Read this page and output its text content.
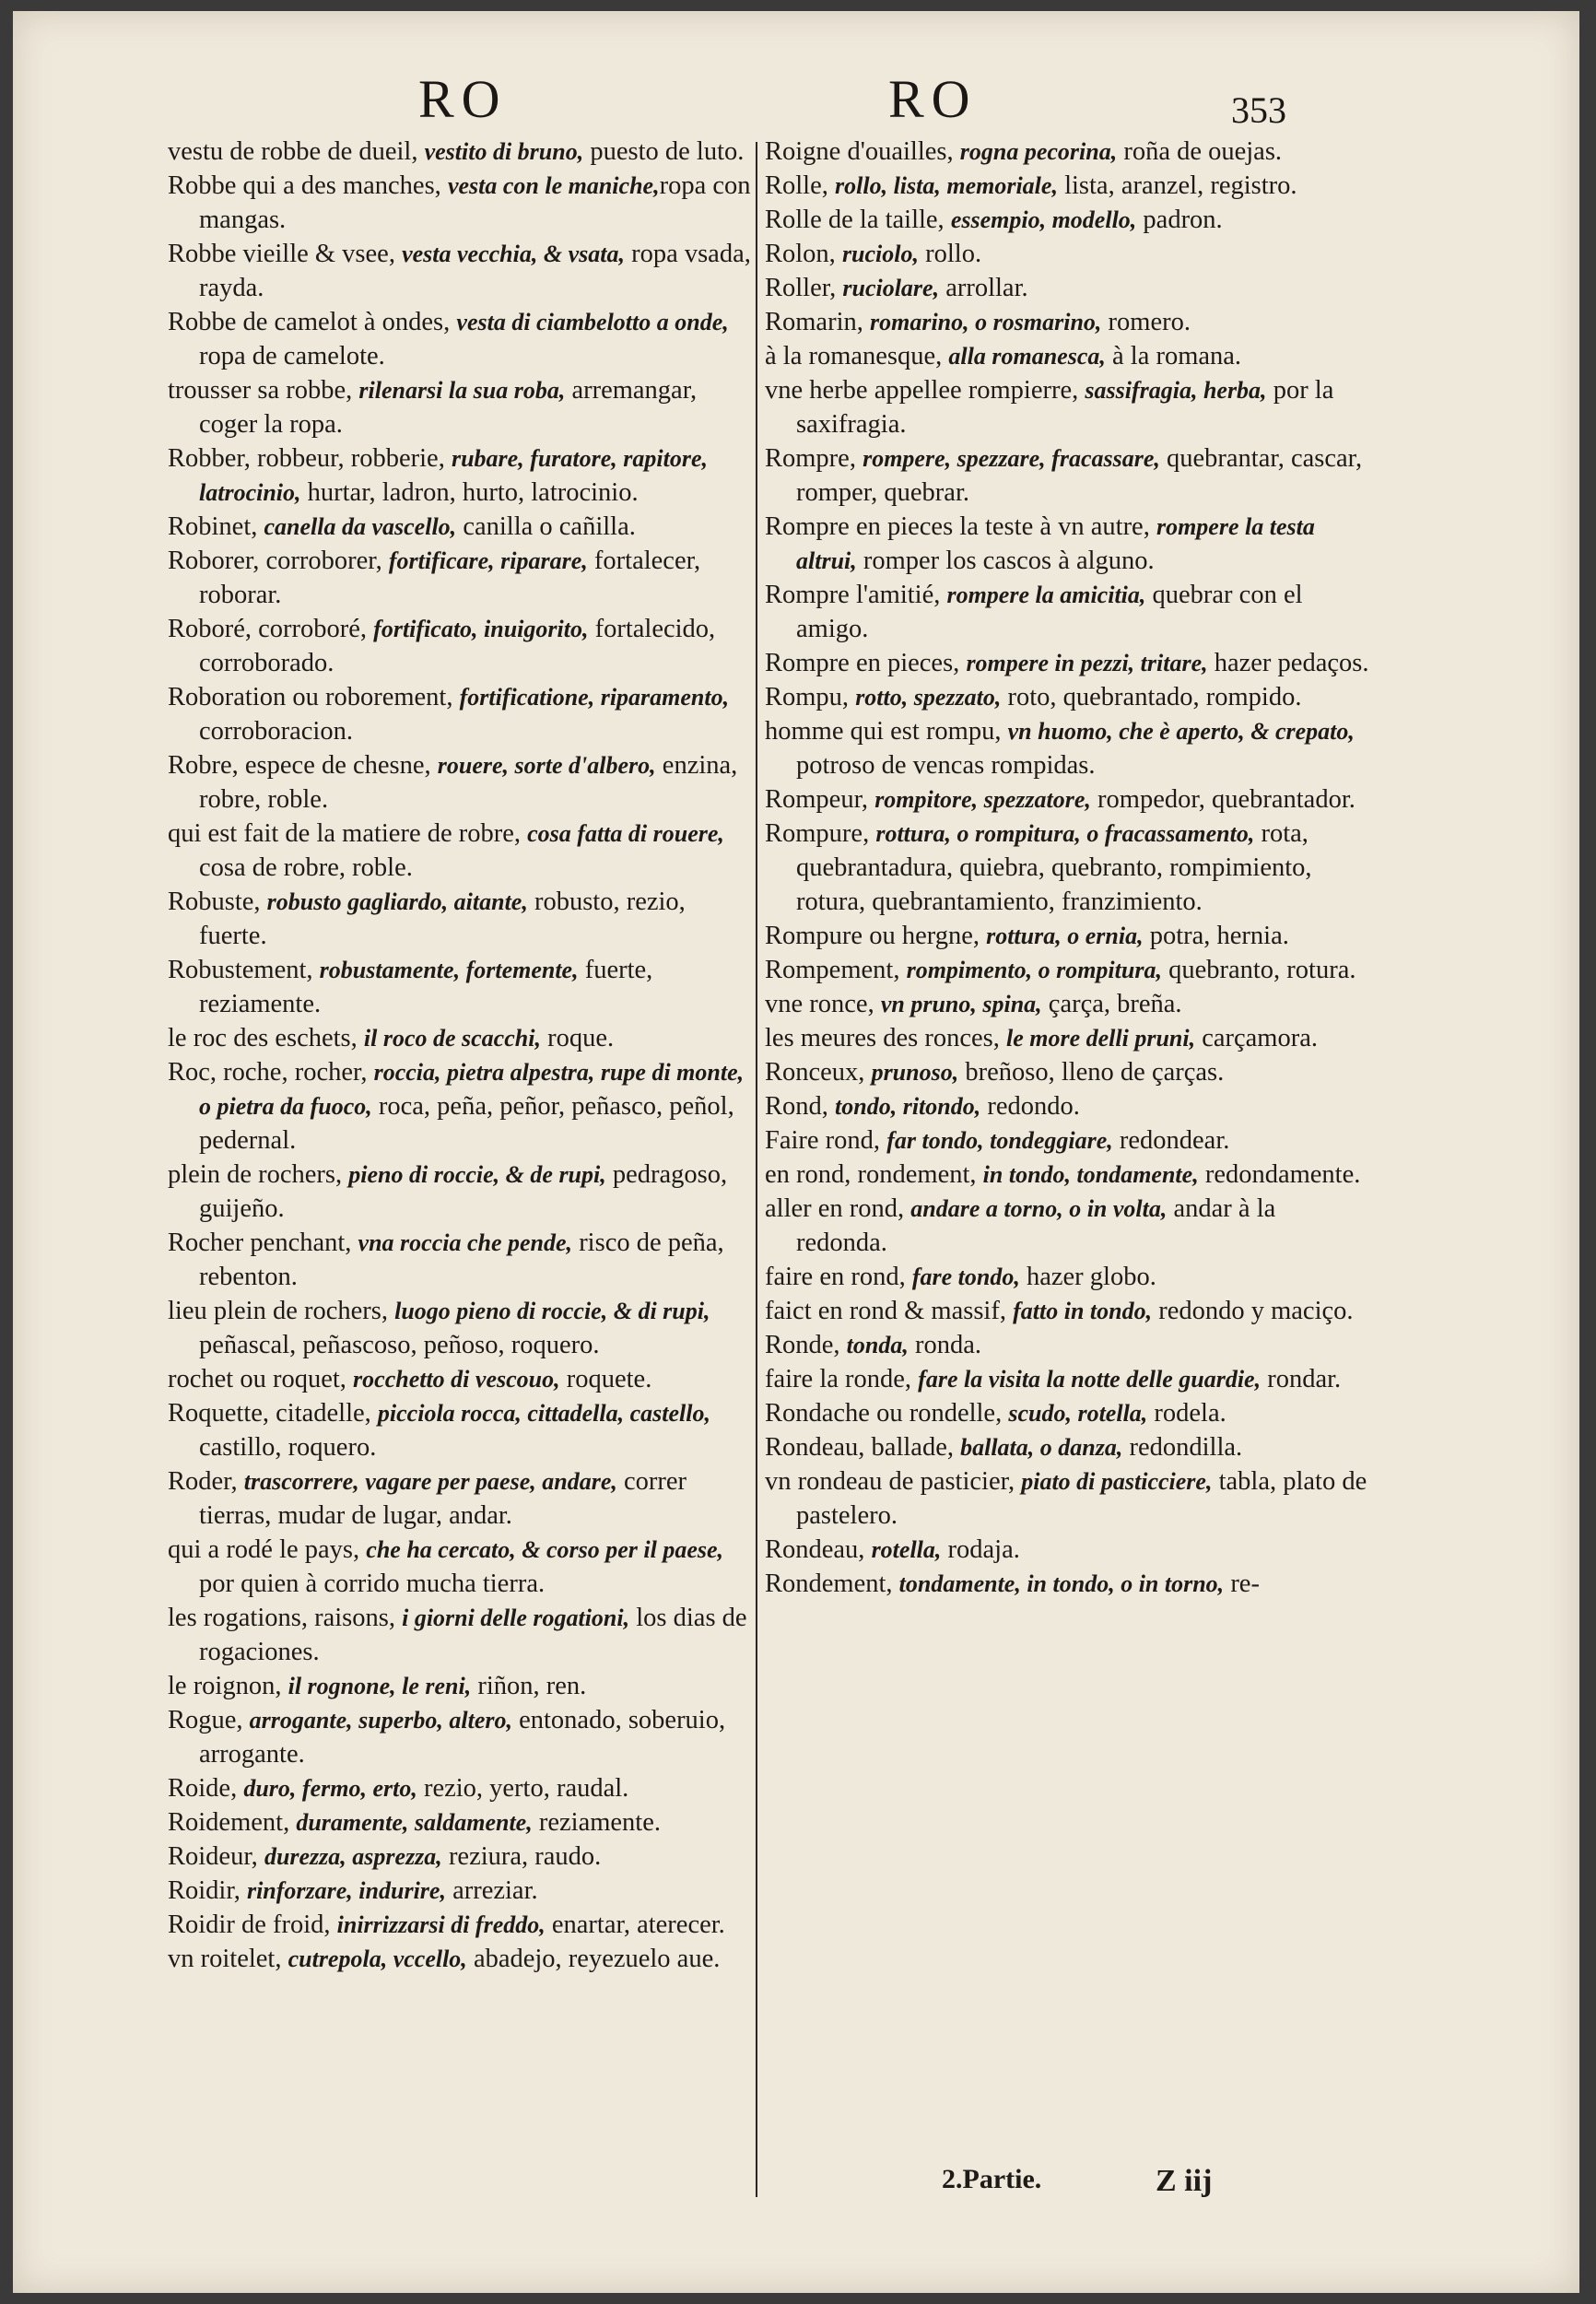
RO	RO	353

vestu de robbe de dueil, vestito di bruno, puesto de luto.

Robbe qui a des manches, vesta con le maniche,ropa con mangas.

Robbe vieille & vsee, vesta vecchia, & vsata, ropa vsada, rayda.

Robbe de camelot à ondes, vesta di ciambelotto a onde, ropa de camelote.

trousser sa robbe, rilenarsi la sua roba, arremangar, coger la ropa.

Robber, robbeur, robberie, rubare, furatore, rapitore, latrocinio, hurtar, ladron, hurto, latrocinio.

Robinet, canella da vascello, canilla o cañilla.

Roborer, corroborer, fortificare, riparare, fortalecer, roborar.

Roboré, corroboré, fortificato, inuigorito, fortalecido, corroborado.

Roboration ou roborement, fortificatione, riparamento, corroboracion.

Robre, espece de chesne, rouere, sorte d'albero, enzina, robre, roble.

qui est fait de la matiere de robre, cosa fatta di rouere, cosa de robre, roble.

Robuste, robusto gagliardo, aitante, robusto, rezio, fuerte.

Robustement, robustamente, fortemente, fuerte, reziamente.

le roc des eschets, il roco de scacchi, roque.

Roc, roche, rocher, roccia, pietra alpestra, rupe di monte, o pietra da fuoco, roca, peña, peñor, peñasco, peñol, pedernal.

plein de rochers, pieno di roccie, & de rupi, pedragoso, guijeño.

Rocher penchant, vna roccia che pende, risco de peña, rebenton.

lieu plein de rochers, luogo pieno di roccie, & di rupi, peñascal, peñascoso, peñoso, roquero.

rochet ou roquet, rocchetto di vescouo, roquete.

Roquette, citadelle, picciola rocca, cittadella, castello, castillo, roquero.

Roder, trascorrere, vagare per paese, andare, correr tierras, mudar de lugar, andar.

qui a rodé le pays, che ha cercato, & corso per il paese, por quien à corrido mucha tierra.

les rogations, raisons, i giorni delle rogationi, los dias de rogaciones.

le roignon, il rognone, le reni, riñon, ren.

Rogue, arrogante, superbo, altero, entonado, soberuio, arrogante.

Roide, duro, fermo, erto, rezio, yerto, raudal.

Roidement, duramente, saldamente, reziamente.

Roideur, durezza, asprezza, reziura, raudo.

Roidir, rinforzare, indurire, arreziar.

Roidir de froid, inirrizzarsi di freddo, enartar, aterecer.

vn roitelet, cutrepola, vccello, abadejo, reyezuelo aue.

Roigne d'ouailles, rogna pecorina, roña de ouejas.

Rolle, rollo, lista, memoriale, lista, aranzel, registro.

Rolle de la taille, essempio, modello, padron.

Rolon, ruciolo, rollo.

Roller, ruciolare, arrollar.

Romarin, romarino, o rosmarino, romero.

à la romanesque, alla romanesca, à la romana.

vne herbe appellee rompierre, sassifragia, herba, por la saxifragia.

Rompre, rompere, spezzare, fracassare, quebrantar, cascar, romper, quebrar.

Rompre en pieces la teste à vn autre, rompere la testa altrui, romper los cascos à alguno.

Rompre l'amitié, rompere la amicitia, quebrar con el amigo.

Rompre en pieces, rompere in pezzi, tritare, hazer pedaços.

Rompu, rotto, spezzato, roto, quebrantado, rompido.

homme qui est rompu, vn huomo, che è aperto, & crepato, potroso de vencas rompidas.

Rompeur, rompitore, spezzatore, rompedor, quebrantador.

Rompure, rottura, o rompitura, o fracassamento, rota, quebrantadura, quiebra, quebranto, rompimiento, rotura, quebrantamiento, franzimiento.

Rompure ou hergne, rottura, o ernia, potra, hernia.

Rompement, rompimento, o rompitura, quebranto, rotura.

vne ronce, vn pruno, spina, çarça, breña.

les meures des ronces, le more delli pruni, carçamora.

Ronceux, prunoso, breñoso, lleno de çarças.

Rond, tondo, ritondo, redondo.

Faire rond, far tondo, tondeggiare, redondear.

en rond, rondement, in tondo, tondamente, redondamente.

aller en rond, andare a torno, o in volta, andar à la redonda.

faire en rond, fare tondo, hazer globo.

faict en rond & massif, fatto in tondo, redondo y maciço.

Ronde, tonda, ronda.

faire la ronde, fare la visita la notte delle guardie, rondar.

Rondache ou rondelle, scudo, rotella, rodela.

Rondeau, ballade, ballata, o danza, redondilla.

vn rondeau de pasticier, piato di pasticciere, tabla, plato de pastelero.

Rondeau, rotella, rodaja.

Rondement, tondamente, in tondo, o in torno, re-

2.Partie.	Z iij
